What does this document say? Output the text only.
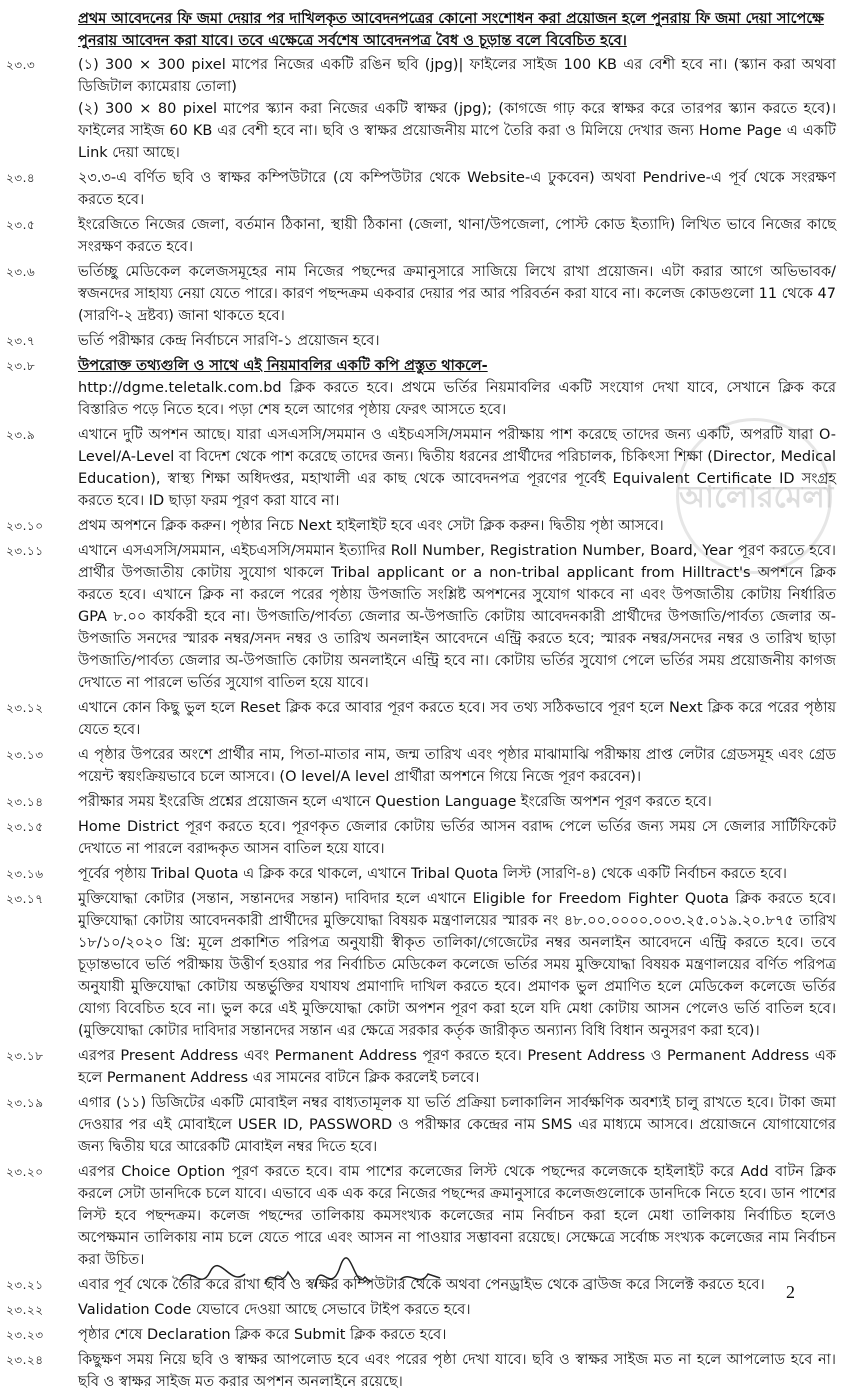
প্রথম আবেদনের ফি জমা দেয়ার পর দাখিলকৃত আবেদনপত্রের কোনো সংশোধন করা প্রয়োজন হলে পুনরায় ফি জমা দেয়া সাপেক্ষে পুনরায় আবেদন করা যাবে। তবে এক্ষেত্রে সর্বশেষ আবেদনপত্র বৈধ ও চূড়ান্ত বলে বিবেচিত হবে।
আলোরমেলা
২৩.৩	(১) 300 × 300 pixel মাপের নিজের একটি রঙিন ছবি (jpg)| ফাইলের সাইজ 100 KB এর বেশী হবে না। (স্ক্যান করা অথবা ডিজিটাল ক্যামেরায় তোলা)

(২) 300 × 80 pixel মাপের স্ক্যান করা নিজের একটি স্বাক্ষর (jpg); (কাগজে গাঢ় করে স্বাক্ষর করে তারপর স্ক্যান করতে হবে)। ফাইলের সাইজ 60 KB এর বেশী হবে না। ছবি ও স্বাক্ষর প্রয়োজনীয় মাপে তৈরি করা ও মিলিয়ে দেখার জন্য Home Page এ একটি Link দেয়া আছে।

২৩.৪	২৩.৩-এ বর্ণিত ছবি ও স্বাক্ষর কম্পিউটারে (যে কম্পিউটার থেকে Website-এ ঢুকবেন) অথবা Pendrive-এ পূর্ব থেকে সংরক্ষণ করতে হবে।

২৩.৫	ইংরেজিতে নিজের জেলা, বর্তমান ঠিকানা, স্থায়ী ঠিকানা (জেলা, থানা/উপজেলা, পোস্ট কোড ইত্যাদি) লিখিত ভাবে নিজের কাছে সংরক্ষণ করতে হবে।

২৩.৬	ভর্তিচ্ছু মেডিকেল কলেজসমূহের নাম নিজের পছন্দের ক্রমানুসারে সাজিয়ে লিখে রাখা প্রয়োজন। এটা করার আগে অভিভাবক/স্বজনদের সাহায্য নেয়া যেতে পারে। কারণ পছন্দক্রম একবার দেয়ার পর আর পরিবর্তন করা যাবে না। কলেজ কোডগুলো 11 থেকে 47 (সারণি-২ দ্রষ্টব্য) জানা থাকতে হবে।

২৩.৭	ভর্তি পরীক্ষার কেন্দ্র নির্বাচনে সারণি-১ প্রয়োজন হবে।

২৩.৮	উপরোক্ত তথ্যগুলি ও সাথে এই নিয়মাবলির একটি কপি প্রস্তুত থাকলে-

http://dgme.teletalk.com.bd ক্লিক করতে হবে। প্রথমে ভর্তির নিয়মাবলির একটি সংযোগ দেখা যাবে, সেখানে ক্লিক করে বিস্তারিত পড়ে নিতে হবে। পড়া শেষ হলে আগের পৃষ্ঠায় ফেরৎ আসতে হবে।

২৩.৯	এখানে দুটি অপশন আছে। যারা এসএসসি/সমমান ও এইচএসসি/সমমান পরীক্ষায় পাশ করেছে তাদের জন্য একটি, অপরটি যারা O-Level/A-Level বা বিদেশ থেকে পাশ করেছে তাদের জন্য। দ্বিতীয় ধরনের প্রার্থীদের পরিচালক, চিকিৎসা শিক্ষা (Director, Medical Education), স্বাস্থ্য শিক্ষা অধিদপ্তর, মহাখালী এর কাছ থেকে আবেদনপত্র পূরণের পূর্বেই Equivalent Certificate ID সংগ্রহ করতে হবে। ID ছাড়া ফরম পূরণ করা যাবে না।

২৩.১০	প্রথম অপশনে ক্লিক করুন। পৃষ্ঠার নিচে Next হাইলাইট হবে এবং সেটা ক্লিক করুন। দ্বিতীয় পৃষ্ঠা আসবে।

২৩.১১	এখানে এসএসসি/সমমান, এইচএসসি/সমমান ইত্যাদির Roll Number, Registration Number, Board, Year পূরণ করতে হবে। প্রার্থীর উপজাতীয় কোটায় সুযোগ থাকলে Tribal applicant or a non-tribal applicant from Hilltract's অপশনে ক্লিক করতে হবে। এখানে ক্লিক না করলে পরের পৃষ্ঠায় উপজাতি সংশ্লিষ্ট অপশনের সুযোগ থাকবে না এবং উপজাতীয় কোটায় নির্ধারিত GPA ৮.০০ কার্যকরী হবে না। উপজাতি/পার্বত্য জেলার অ-উপজাতি কোটায় আবেদনকারী প্রার্থীদের উপজাতি/পার্বত্য জেলার অ-উপজাতি সনদের স্মারক নম্বর/সনদ নম্বর ও তারিখ অনলাইন আবেদনে এন্ট্রি করতে হবে; স্মারক নম্বর/সনদের নম্বর ও তারিখ ছাড়া উপজাতি/পার্বত্য জেলার অ-উপজাতি কোটায় অনলাইনে এন্ট্রি হবে না। কোটায় ভর্তির সুযোগ পেলে ভর্তির সময় প্রয়োজনীয় কাগজ দেখাতে না পারলে ভর্তির সুযোগ বাতিল হয়ে যাবে।

২৩.১২	এখানে কোন কিছু ভুল হলে Reset ক্লিক করে আবার পূরণ করতে হবে। সব তথ্য সঠিকভাবে পূরণ হলে Next ক্লিক করে পরের পৃষ্ঠায় যেতে হবে।

২৩.১৩	এ পৃষ্ঠার উপরের অংশে প্রার্থীর নাম, পিতা-মাতার নাম, জন্ম তারিখ এবং পৃষ্ঠার মাঝামাঝি পরীক্ষায় প্রাপ্ত লেটার গ্রেডসমূহ এবং গ্রেড পয়েন্ট স্বয়ংক্রিয়ভাবে চলে আসবে। (O level/A level প্রার্থীরা অপশনে গিয়ে নিজে পূরণ করবেন)।

২৩.১৪	পরীক্ষার সময় ইংরেজি প্রশ্নের প্রয়োজন হলে এখানে Question Language ইংরেজি অপশন পূরণ করতে হবে।

২৩.১৫	Home District পূরণ করতে হবে। পূরণকৃত জেলার কোটায় ভর্তির আসন বরাদ্দ পেলে ভর্তির জন্য সময় সে জেলার সার্টিফিকেট দেখাতে না পারলে বরাদ্দকৃত আসন বাতিল হয়ে যাবে।

২৩.১৬	পূর্বের পৃষ্ঠায় Tribal Quota এ ক্লিক করে থাকলে, এখানে Tribal Quota লিস্ট (সারণি-৪) থেকে একটি নির্বাচন করতে হবে।

২৩.১৭	মুক্তিযোদ্ধা কোটার (সন্তান, সন্তানদের সন্তান) দাবিদার হলে এখানে Eligible for Freedom Fighter Quota ক্লিক করতে হবে। মুক্তিযোদ্ধা কোটায় আবেদনকারী প্রার্থীদের মুক্তিযোদ্ধা বিষয়ক মন্ত্রণালয়ের স্মারক নং ৪৮.০০.০০০০.০০৩.২৫.০১৯.২০.৮৭৫ তারিখ ১৮/১০/২০২০ খ্রি: মূলে প্রকাশিত পরিপত্র অনুযায়ী স্বীকৃত তালিকা/গেজেটের নম্বর অনলাইন আবেদনে এন্ট্রি করতে হবে। তবে চূড়ান্তভাবে ভর্তি পরীক্ষায় উত্তীর্ণ হওয়ার পর নির্বাচিত মেডিকেল কলেজে ভর্তির সময় মুক্তিযোদ্ধা বিষয়ক মন্ত্রণালয়ের বর্ণিত পরিপত্র অনুযায়ী মুক্তিযোদ্ধা কোটায় অন্তর্ভুক্তির যথাযথ প্রমাণাদি দাখিল করতে হবে। প্রমাণক ভুল প্রমাণিত হলে মেডিকেল কলেজে ভর্তির যোগ্য বিবেচিত হবে না। ভুল করে এই মুক্তিযোদ্ধা কোটা অপশন পূরণ করা হলে যদি মেধা কোটায় আসন পেলেও ভর্তি বাতিল হবে। (মুক্তিযোদ্ধা কোটার দাবিদার সন্তানদের সন্তান এর ক্ষেত্রে সরকার কর্তৃক জারীকৃত অন্যান্য বিধি বিধান অনুসরণ করা হবে)।

২৩.১৮	এরপর Present Address এবং Permanent Address পূরণ করতে হবে। Present Address ও Permanent Address এক হলে Permanent Address এর সামনের বাটনে ক্লিক করলেই চলবে।

২৩.১৯	এগার (১১) ডিজিটের একটি মোবাইল নম্বর বাধ্যতামূলক যা ভর্তি প্রক্রিয়া চলাকালিন সার্বক্ষণিক অবশ্যই চালু রাখতে হবে। টাকা জমা দেওয়ার পর এই মোবাইলে USER ID, PASSWORD ও পরীক্ষার কেন্দ্রের নাম SMS এর মাধ্যমে আসবে। প্রয়োজনে যোগাযোগের জন্য দ্বিতীয় ঘরে আরেকটি মোবাইল নম্বর দিতে হবে।

২৩.২০	এরপর Choice Option পূরণ করতে হবে। বাম পাশের কলেজের লিস্ট থেকে পছন্দের কলেজকে হাইলাইট করে Add বাটন ক্লিক করলে সেটা ডানদিকে চলে যাবে। এভাবে এক এক করে নিজের পছন্দের ক্রমানুসারে কলেজগুলোকে ডানদিকে নিতে হবে। ডান পাশের লিস্ট হবে পছন্দক্রম। কলেজ পছন্দের তালিকায় কমসংখ্যক কলেজের নাম নির্বাচন করা হলে মেধা তালিকায় নির্বাচিত হলেও অপেক্ষমান তালিকায় নাম চলে যেতে পারে এবং আসন না পাওয়ার সম্ভাবনা রয়েছে। সেক্ষেত্রে সর্বোচ্চ সংখ্যক কলেজের নাম নির্বাচন করা উচিত।

২৩.২১	এবার পূর্ব থেকে তৈরি করে রাখা ছবি ও স্বাক্ষর কম্পিউটার থেকে অথবা পেনড্রাইভ থেকে ব্রাউজ করে সিলেক্ট করতে হবে।

২৩.২২	Validation Code যেভাবে দেওয়া আছে সেভাবে টাইপ করতে হবে।

২৩.২৩	পৃষ্ঠার শেষে Declaration ক্লিক করে Submit ক্লিক করতে হবে।

২৩.২৪	কিছুক্ষণ সময় নিয়ে ছবি ও স্বাক্ষর আপলোড হবে এবং পরের পৃষ্ঠা দেখা যাবে। ছবি ও স্বাক্ষর সাইজ মত না হলে আপলোড হবে না। ছবি ও স্বাক্ষর সাইজ মত করার অপশন অনলাইনে রয়েছে।

2
